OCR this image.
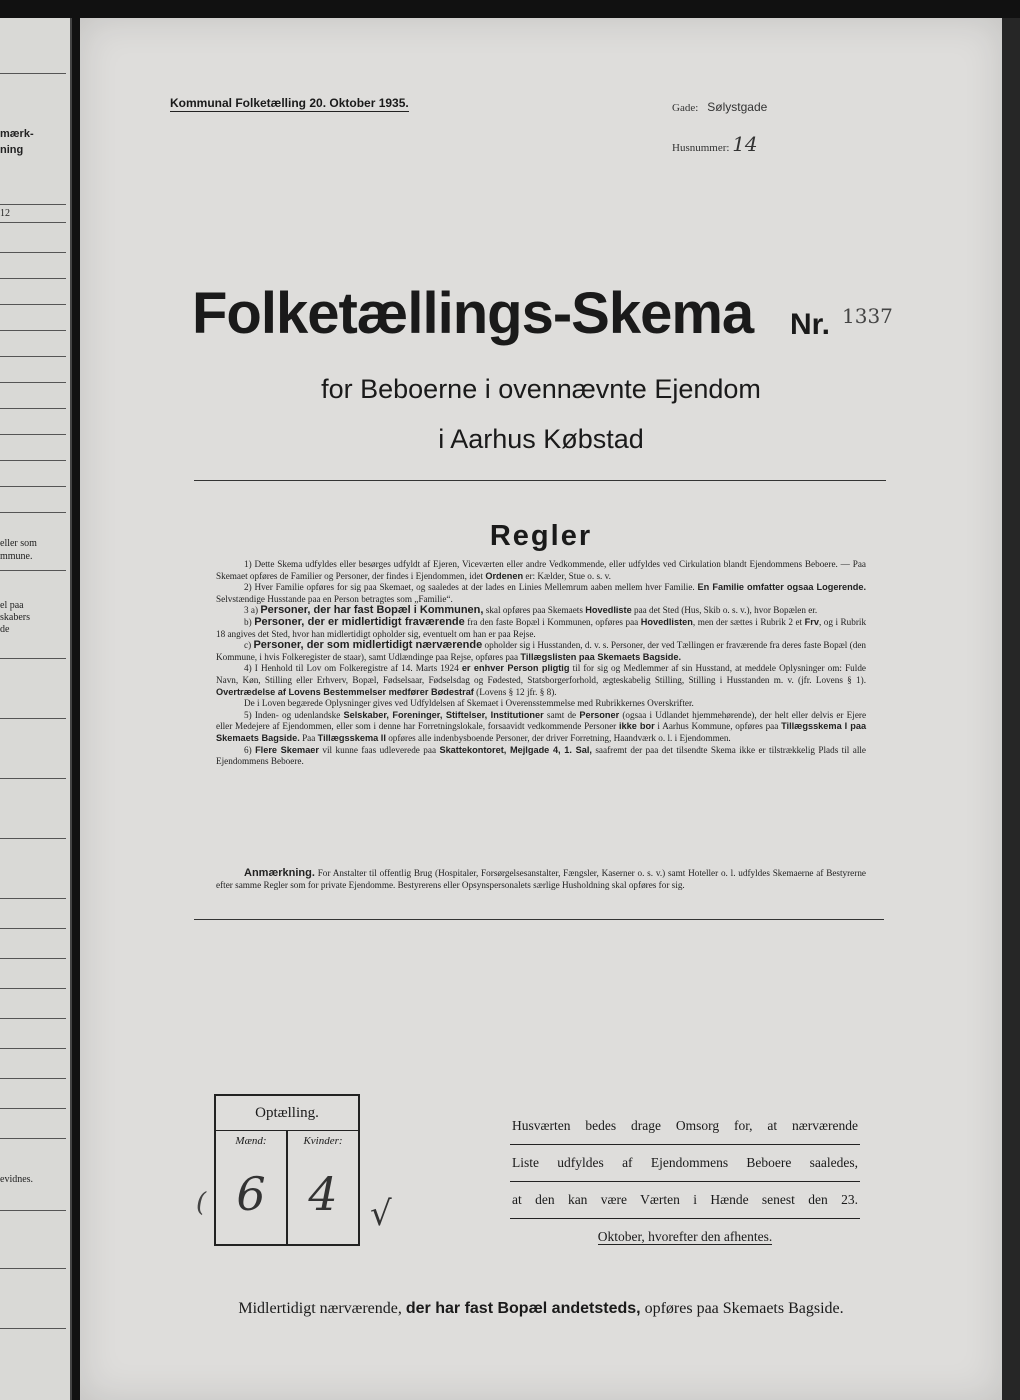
mærk-
ning
12
eller som
mmune.
el paa
skabers
de
evidnes.
Kommunal Folketælling 20. Oktober 1935.	Gade: Sølystgade
Husnummer: 14
Folketællings-Skema Nr. 1337
for Beboerne i ovennævnte Ejendom
i Aarhus Købstad
Regler

1) Dette Skema udfyldes eller besørges udfyldt af Ejeren, Viceværten eller andre Vedkommende, eller udfyldes ved Cirkulation blandt Ejendommens Beboere. — Paa Skemaet opføres de Familier og Personer, der findes i Ejendommen, idet Ordenen er: Kælder, Stue o. s. v.

2) Hver Familie opføres for sig paa Skemaet, og saaledes at der lades en Linies Mellemrum aaben mellem hver Familie. En Familie omfatter ogsaa Logerende. Selvstændige Husstande paa en Person betragtes som „Familie“.

3 a) Personer, der har fast Bopæl i Kommunen, skal opføres paa Skemaets Hovedliste paa det Sted (Hus, Skib o. s. v.), hvor Bopælen er.

b) Personer, der er midlertidigt fraværende fra den faste Bopæl i Kommunen, opføres paa Hovedlisten, men der sættes i Rubrik 2 et Frv, og i Rubrik 18 angives det Sted, hvor han midlertidigt opholder sig, eventuelt om han er paa Rejse.

c) Personer, der som midlertidigt nærværende opholder sig i Husstanden, d. v. s. Personer, der ved Tællingen er fraværende fra deres faste Bopæl (den Kommune, i hvis Folkeregister de staar), samt Udlændinge paa Rejse, opføres paa Tillægslisten paa Skemaets Bagside.

4) I Henhold til Lov om Folkeregistre af 14. Marts 1924 er enhver Person pligtig til for sig og Medlemmer af sin Husstand, at meddele Oplysninger om: Fulde Navn, Køn, Stilling eller Erhverv, Bopæl, Fødselsaar, Fødselsdag og Fødested, Statsborgerforhold, ægteskabelig Stilling, Stilling i Husstanden m. v. (jfr. Lovens § 1). Overtrædelse af Lovens Bestemmelser medfører Bødestraf (Lovens § 12 jfr. § 8).

De i Loven begærede Oplysninger gives ved Udfyldelsen af Skemaet i Overensstemmelse med Rubrikkernes Overskrifter.

5) Inden- og udenlandske Selskaber, Foreninger, Stiftelser, Institutioner samt de Personer (ogsaa i Udlandet hjemmehørende), der helt eller delvis er Ejere eller Medejere af Ejendommen, eller som i denne har Forretningslokale, forsaavidt vedkommende Personer ikke bor i Aarhus Kommune, opføres paa Tillægsskema I paa Skemaets Bagside. Paa Tillægsskema II opføres alle indenbysboende Personer, der driver Forretning, Haandværk o. l. i Ejendommen.

6) Flere Skemaer vil kunne faas udleverede paa Skattekontoret, Mejlgade 4, 1. Sal, saafremt der paa det tilsendte Skema ikke er tilstrækkelig Plads til alle Ejendommens Beboere.

Anmærkning. For Anstalter til offentlig Brug (Hospitaler, Forsørgelsesanstalter, Fængsler, Kaserner o. s. v.) samt Hoteller o. l. udfyldes Skemaerne af Bestyrerne efter samme Regler som for private Ejendomme. Bestyrerens eller Opsynspersonalets særlige Husholdning skal opføres for sig.
(
Optælling.
Mænd:
6
Kvinder:
4 √
Husværten bedes drage Omsorg for, at nærværende
Liste udfyldes af Ejendommens Beboere saaledes,
at den kan være Værten i Hænde senest den 23.
Oktober, hvorefter den afhentes.
Midlertidigt nærværende, der har fast Bopæl andetsteds, opføres paa Skemaets Bagside.
